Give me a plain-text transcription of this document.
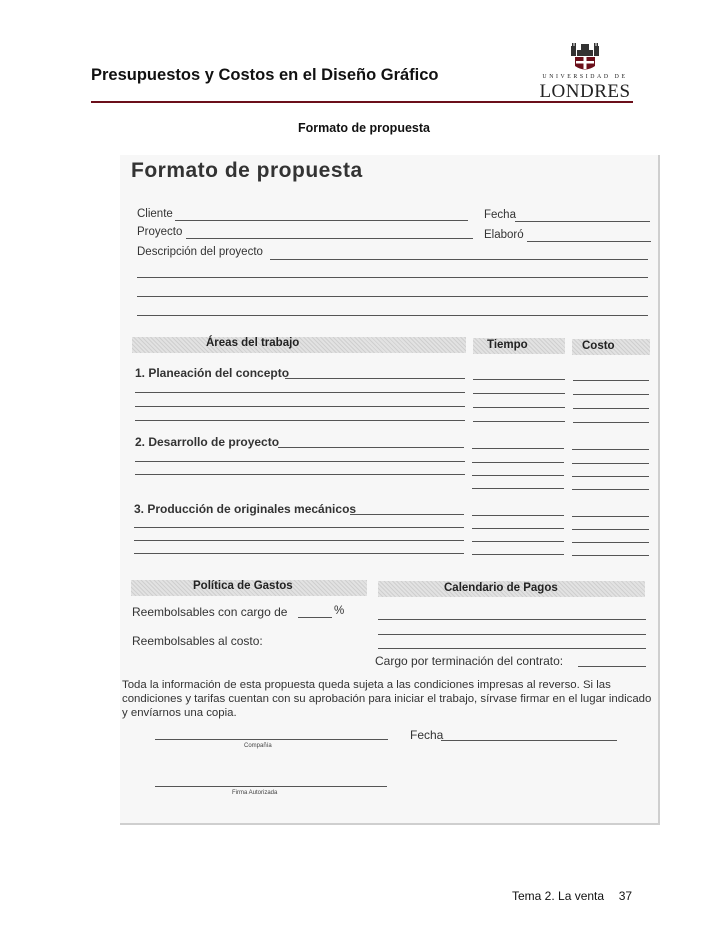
Presupuestos y Costos en el Diseño Gráfico	UNIVERSIDAD DE
LONDRES
Formato de propuesta
Formato de propuesta
Cliente	Fecha
Proyecto	Elaboró
Descripción del proyecto
Áreas del trabajo	Tiempo	Costo
1. Planeación del concepto
2. Desarrollo de proyecto
3. Producción de originales mecánicos
Política de Gastos
Reembolsables con cargo de	%
Reembolsables al costo:
Calendario de Pagos
Cargo por terminación del contrato:
Toda la información de esta propuesta queda sujeta a las condiciones impresas al reverso. Si las condiciones y tarifas cuentan con su aprobación para iniciar el trabajo, sírvase firmar en el lugar indicado y envíarnos una copia.
Compañía
Fecha
Firma Autorizada
Tema 2. La venta 37
